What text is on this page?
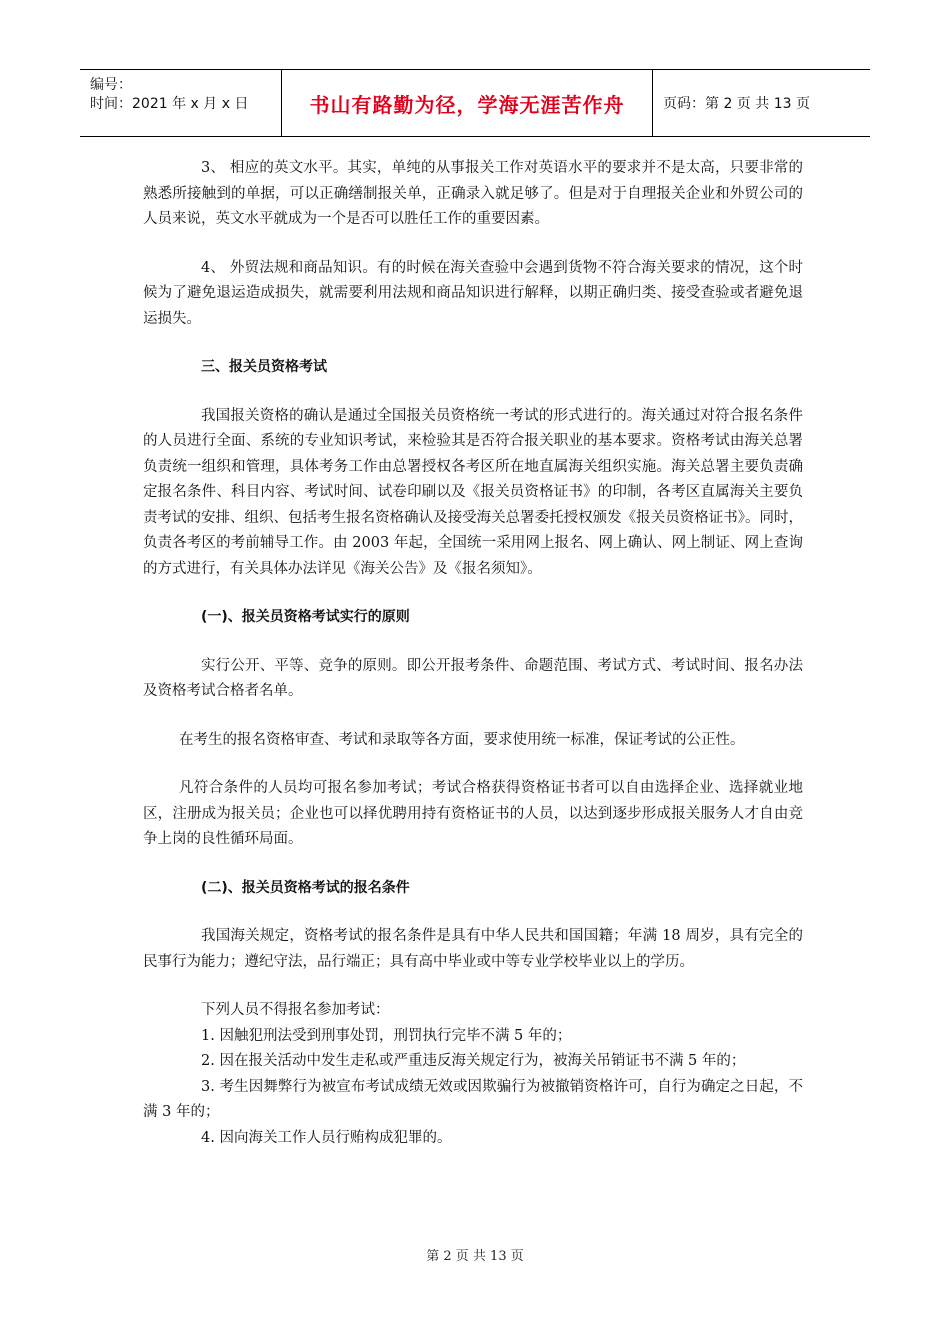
编号：
时间：2021 年 x 月 x 日	书山有路勤为径，学海无涯苦作舟	页码：第 2 页 共 13 页

3、 相应的英文水平。其实，单纯的从事报关工作对英语水平的要求并不是太高，只要非常的熟悉所接触到的单据，可以正确缮制报关单，正确录入就足够了。但是对于自理报关企业和外贸公司的人员来说，英文水平就成为一个是否可以胜任工作的重要因素。

4、 外贸法规和商品知识。有的时候在海关查验中会遇到货物不符合海关要求的情况，这个时候为了避免退运造成损失，就需要利用法规和商品知识进行解释，以期正确归类、接受查验或者避免退运损失。

三、报关员资格考试

我国报关资格的确认是通过全国报关员资格统一考试的形式进行的。海关通过对符合报名条件的人员进行全面、系统的专业知识考试，来检验其是否符合报关职业的基本要求。资格考试由海关总署负责统一组织和管理，具体考务工作由总署授权各考区所在地直属海关组织实施。海关总署主要负责确定报名条件、科目内容、考试时间、试卷印刷以及《报关员资格证书》的印制，各考区直属海关主要负责考试的安排、组织、包括考生报名资格确认及接受海关总署委托授权颁发《报关员资格证书》。同时，负责各考区的考前辅导工作。由 2003 年起，全国统一采用网上报名、网上确认、网上制证、网上查询的方式进行，有关具体办法详见《海关公告》及《报名须知》。

(一)、报关员资格考试实行的原则

实行公开、平等、竞争的原则。即公开报考条件、命题范围、考试方式、考试时间、报名办法及资格考试合格者名单。

在考生的报名资格审查、考试和录取等各方面，要求使用统一标准，保证考试的公正性。

凡符合条件的人员均可报名参加考试；考试合格获得资格证书者可以自由选择企业、选择就业地区，注册成为报关员；企业也可以择优聘用持有资格证书的人员，以达到逐步形成报关服务人才自由竞争上岗的良性循环局面。

(二)、报关员资格考试的报名条件

我国海关规定，资格考试的报名条件是具有中华人民共和国国籍；年满 18 周岁，具有完全的民事行为能力；遵纪守法，品行端正；具有高中毕业或中等专业学校毕业以上的学历。

下列人员不得报名参加考试：

1. 因触犯刑法受到刑事处罚，刑罚执行完毕不满 5 年的；

2. 因在报关活动中发生走私或严重违反海关规定行为，被海关吊销证书不满 5 年的；

3. 考生因舞弊行为被宣布考试成绩无效或因欺骗行为被撤销资格许可，自行为确定之日起，不满 3 年的；

4. 因向海关工作人员行贿构成犯罪的。

第 2 页 共 13 页
